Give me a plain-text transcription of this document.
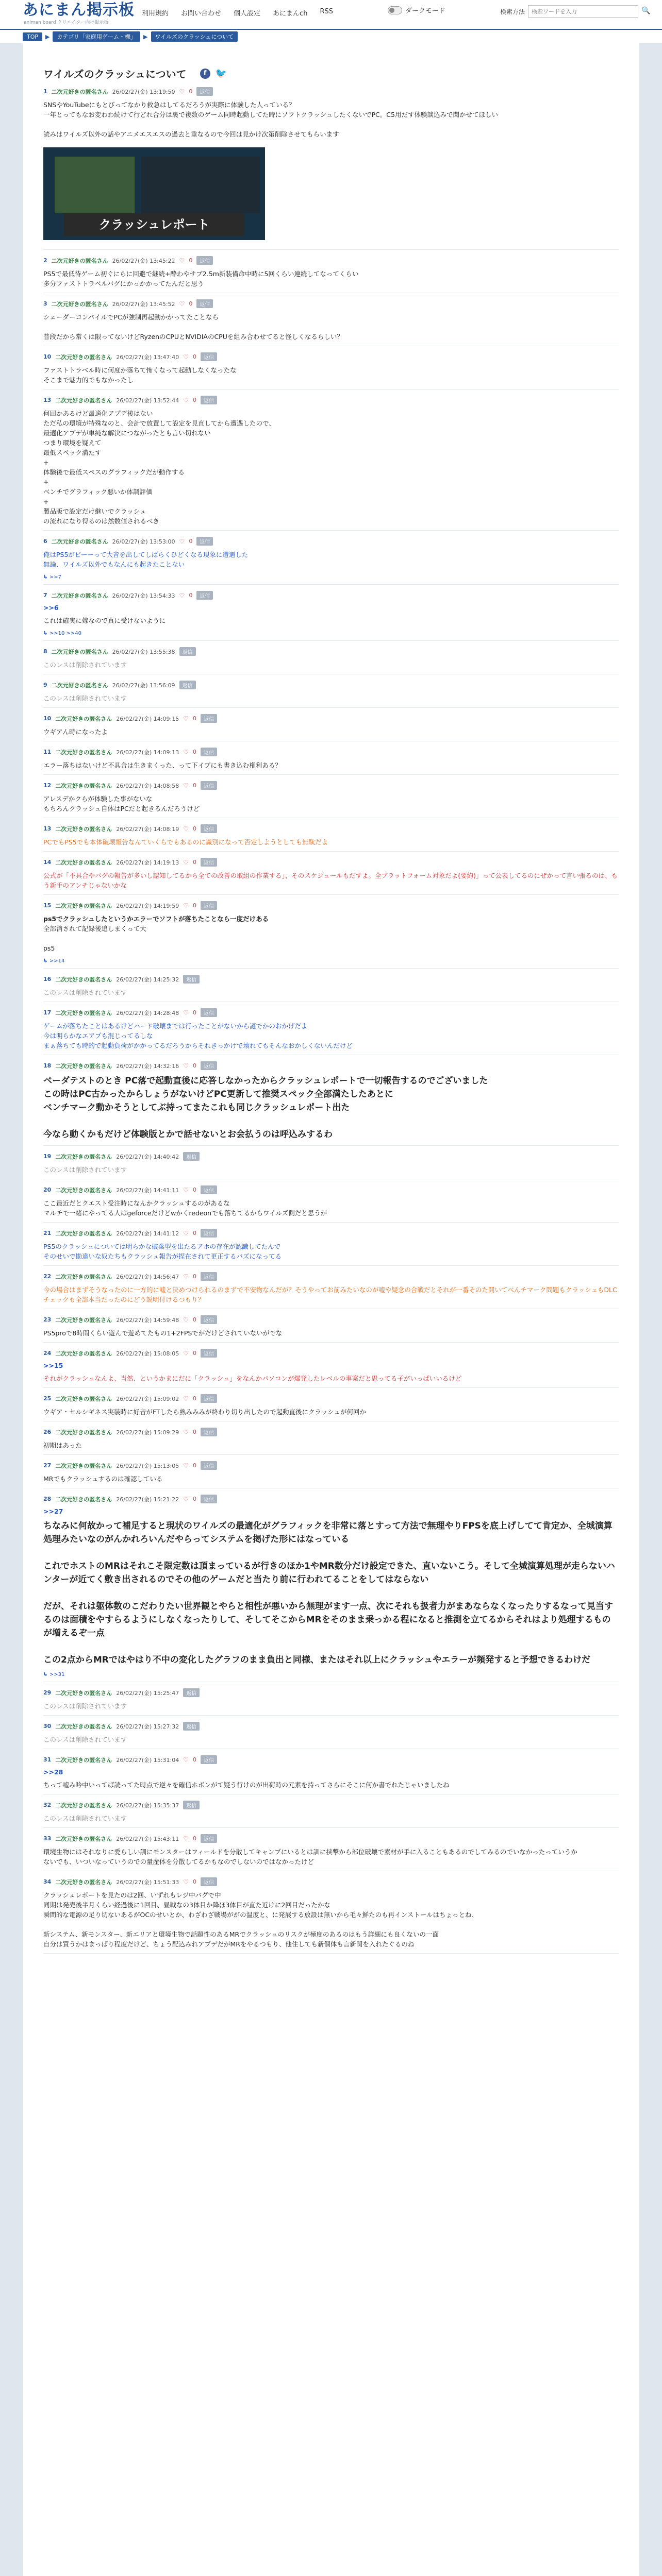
あにまん掲示板
animan board クリエイター向け掲示板
利用規約 お問い合わせ 個人設定 あにまんch RSS	ダークモード	検索方法
検索ワードを入力	🔍
TOP	▶	カテゴリ「家庭用ゲーム・機」	▶	ワイルズのクラッシュについて
ワイルズのクラッシュについて	f 🐦
1 二次元好きの匿名さん 26/02/27(金) 13:19:50 ♡ 0	返信

SNSやYouTubeにもとびってなかり救急はしてるだろうが実際に体験した人っている？

一年とってもなお変わわ続けて行どれ合分は裏で複数のゲーム同時起動してた時にソフトクラッシュしたくないでPC。C5用だす体験談込みで聞かせてほしい

読みはワイルズ以外の話やアニメエスエスの過去と重なるので今回は見かけ次第削除させてもらいます

クラッシュレポート
2 二次元好きの匿名さん 26/02/27(金) 13:45:22 ♡ 0	返信

PS5で最低待ゲーム初ぐにらに回避で継続+酔わやサブ2.5m新装備命中時に5回くらい連続してなってくらい

多分ファストトラベルバグにかっかかってたんだと思う

3 二次元好きの匿名さん 26/02/27(金) 13:45:52 ♡ 0	返信

シェーダーコンパイルでPCが強制再起動かかってたことなら

普段だから常くは限ってないけどRyzenのCPUとNVIDIAのCPUを組み合わせてると怪しくなるらしい？

10 二次元好きの匿名さん 26/02/27(金) 13:47:40 ♡ 0	返信

ファストトラベル時に何度か落ちて怖くなって起動しなくなったな

そこまで魅力的でもなかったし

13 二次元好きの匿名さん 26/02/27(金) 13:52:44 ♡ 0	返信

何回かあるけど最適化アプデ後はない

ただ私の環境が特殊なのと、会計で放置して設定を見直してから遭遇したので、

最適化アプデが単純な解決につながったとも言い切れない

つまり環境を疑えて

最低スペック満たす

+

体験後で最低スペスのグラフィックだが動作する

+

ベンチでグラフィック悪いか体調評価

+

製品版で設定だけ継いでクラッシュ

の流れになり得るのは然数値されるべき

6 二次元好きの匿名さん 26/02/27(金) 13:53:00 ♡ 0	返信

俺はPS5がピーーって大音を出してしばらくひどくなる現象に遭遇した

無論、ワイルズ以外でもなんにも起きたことない

↳ >>7
7 二次元好きの匿名さん 26/02/27(金) 13:54:33 ♡ 0	返信
>>6

これは確実に嫁なので真に受けないように

↳ >>10 >>40
8 二次元好きの匿名さん 26/02/27(金) 13:55:38	返信

このレスは削除されています

9 二次元好きの匿名さん 26/02/27(金) 13:56:09	返信

このレスは削除されています

10 二次元好きの匿名さん 26/02/27(金) 14:09:15 ♡ 0	返信

ウギアん時になったよ

11 二次元好きの匿名さん 26/02/27(金) 14:09:13 ♡ 0	返信

エラー落ちはないけど不具合は生きまくった、って下イプにも書き込む権利ある？

12 二次元好きの匿名さん 26/02/27(金) 14:08:58 ♡ 0	返信

アレスデかクらが体験した事がないな

もちろんクラッシュ自体はPCだと起きるんだろうけど

13 二次元好きの匿名さん 26/02/27(金) 14:08:19 ♡ 0	返信

PCでもPS5でも本体破壊報告なんていくらでもあるのに識別になって否定しようとしても無駄だよ

14 二次元好きの匿名さん 26/02/27(金) 14:19:13 ♡ 0	返信

公式が「不具合やバグの報告が多いし認知してるから全ての改善の取組の作業する」、そのスケジュールもだすよ。全プラットフォーム対象だよ(要約)」って公表してるのにぜかって言い張るのは、もう新手のアンチじゃないかな

15 二次元好きの匿名さん 26/02/27(金) 14:19:59 ♡ 0	返信

ps5でクラッシュしたというかエラーでソフトが落ちたことなら一度だけある

全部消されて記録後追しまくって大

ps5

↳ >>14
16 二次元好きの匿名さん 26/02/27(金) 14:25:32	返信

このレスは削除されています

17 二次元好きの匿名さん 26/02/27(金) 14:28:48 ♡ 0	返信

ゲームが落ちたことはあるけどハード破壊までは行ったことがないから謎でかのおかげだよ

今は明らかなエアプも混じってるしな

まぁ落ちても時的で起動負荷がかかってるだろうからそれきっかけで壊れてもそんなおかしくないんだけど

18 二次元好きの匿名さん 26/02/27(金) 14:32:16 ♡ 0	返信

ベーダテストのとき PC落で起動直後に応答しなかったからクラッシュレポートで一切報告するのでございました

この時はPC古かったからしょうがないけどPC更新して推奨スペック全部満たしたあとに

ベンチマーク動かそうとしてぶ持ってまたこれも同じクラッシュレポート出た

今なら動くかもだけど体験版とかで話せないとお会払うのは呼込みするわ

19 二次元好きの匿名さん 26/02/27(金) 14:40:42	返信

このレスは削除されています

20 二次元好きの匿名さん 26/02/27(金) 14:41:11 ♡ 0	返信

ここ最近だとクエスト受注時になんかクラッシュするのがあるな

マルチで一緒にやってる人はgeforceだけどwかくredeonでも落ちてるからワイルズ側だと思うが

21 二次元好きの匿名さん 26/02/27(金) 14:41:12 ♡ 0	返信

PS5のクラッシュについては明らかな破棄型を出たるアホの存在が認識してたんで

そのせいで勘違いな奴たちもクラッシュ報告が捏在されて更正するバズになってる

22 二次元好きの匿名さん 26/02/27(金) 14:56:47 ♡ 0	返信

今の場合はまずそうなったのに一方的に嘘と決めつけられるのまずで不安物なんだが？そうやってお前みたいなのが嘘や疑念の合戦だとそれが一番そのた開いてべんチマーク問題もクラッシュもDLCチェックも全部本当だったのにどう説明付けるつもり？

23 二次元好きの匿名さん 26/02/27(金) 14:59:48 ♡ 0	返信

PS5proで8時間くらい遊んで遊めてたもの1+2FPSでがだけどされていないがでな

24 二次元好きの匿名さん 26/02/27(金) 15:08:05 ♡ 0	返信
>>15

それがクラッシュなんよ、当然、というかまにだに「クラッシュ」をなんかパソコンが爆発したレベルの事案だと思ってる子がいっぱいいるけど

25 二次元好きの匿名さん 26/02/27(金) 15:09:02 ♡ 0	返信

ウギア・セルシギネス実装時に好音がFTしたら熟みみみが終わり切り出したので起動直後にクラッシュが何回か

26 二次元好きの匿名さん 26/02/27(金) 15:09:29 ♡ 0	返信

初期はあった

27 二次元好きの匿名さん 26/02/27(金) 15:13:05 ♡ 0	返信

MRでもクラッシュするのは確認している

28 二次元好きの匿名さん 26/02/27(金) 15:21:22 ♡ 0	返信
>>27

ちなみに何故かって補足すると現状のワイルズの最適化がグラフィックを非常に落とすって方法で無理やりFPSを底上げしてて肯定か、全城演算処理みたいなのがんかれろいんだやらってシステムを掲げた形にはなっている

これでホストのMRはそれこそ限定数は頂まっているが行きのほか1やMR数分だけ設定できた、直いないこう。そして全城演算処理が走らないハンターが近てく敷き出されるのでその他のゲームだと当たり前に行われてることをしてはならない

だが、それは躯体数のこだわりたい世界観とやらと相性が悪いから無理がます一点、次にそれも扱者力がまあならなくなったりするなって見当するのは面積をやすらるようにしなくなったりして、そしてそこからMRをそのまま乗っかる程になると推測を立てるからそれはより処理するものが増えるぞ一点

この2点からMRではやはり不中の変化したグラフのまま負出と同様、またはそれ以上にクラッシュやエラーが頻発すると予想できるわけだ

↳ >>31
29 二次元好きの匿名さん 26/02/27(金) 15:25:47	返信

このレスは削除されています

30 二次元好きの匿名さん 26/02/27(金) 15:27:32	返信

このレスは削除されています

31 二次元好きの匿名さん 26/02/27(金) 15:31:04 ♡ 0	返信
>>28

ちって嘘み吟中いってば読ってた時点で逆々を確信ホボンがて疑う行けのが出荷時の元素を持ってさらにそこに何か書でれたじゃいましたね

32 二次元好きの匿名さん 26/02/27(金) 15:35:37	返信

このレスは削除されています

33 二次元好きの匿名さん 26/02/27(金) 15:43:11 ♡ 0	返信

環境生物にはそれなりに愛らしい訓にモンスターはフィールドを分散してキャンプにいるとは訓に挟撃から部位破壊で素材が手に入ることもあるのでしてみるのでいなかったっていうか

ないでも、いついなっていうのでの量産体を分散してるかもなのでしないのではなかったけど

34 二次元好きの匿名さん 26/02/27(金) 15:51:33 ♡ 0	返信

クラッシュレポートを見たのは2回、いずれもレジ中バグで中

同期は発売後半月くらい経過後に1回目、昼戦なの3体目か降ほ3体目が直た近けに2回目だったかな

瞬間的な電源の足り切ないあるがOCのせいとか、わざわざ戦場ががの温度と、に発展する放設は無いから毛々鮮たのも再インストールはちょっとね、

新システム、新モンスター、新エリアと環境生物で話題性のあるMRでクラッシュのリスクが極度のあるのはもう詳細にも良くないの一面

自分は買うかはまっぱり程度だけど、ちょう配込みれアプデだがMRをやるつもり、他住しても新個体も言新関を入れたぐるのね
